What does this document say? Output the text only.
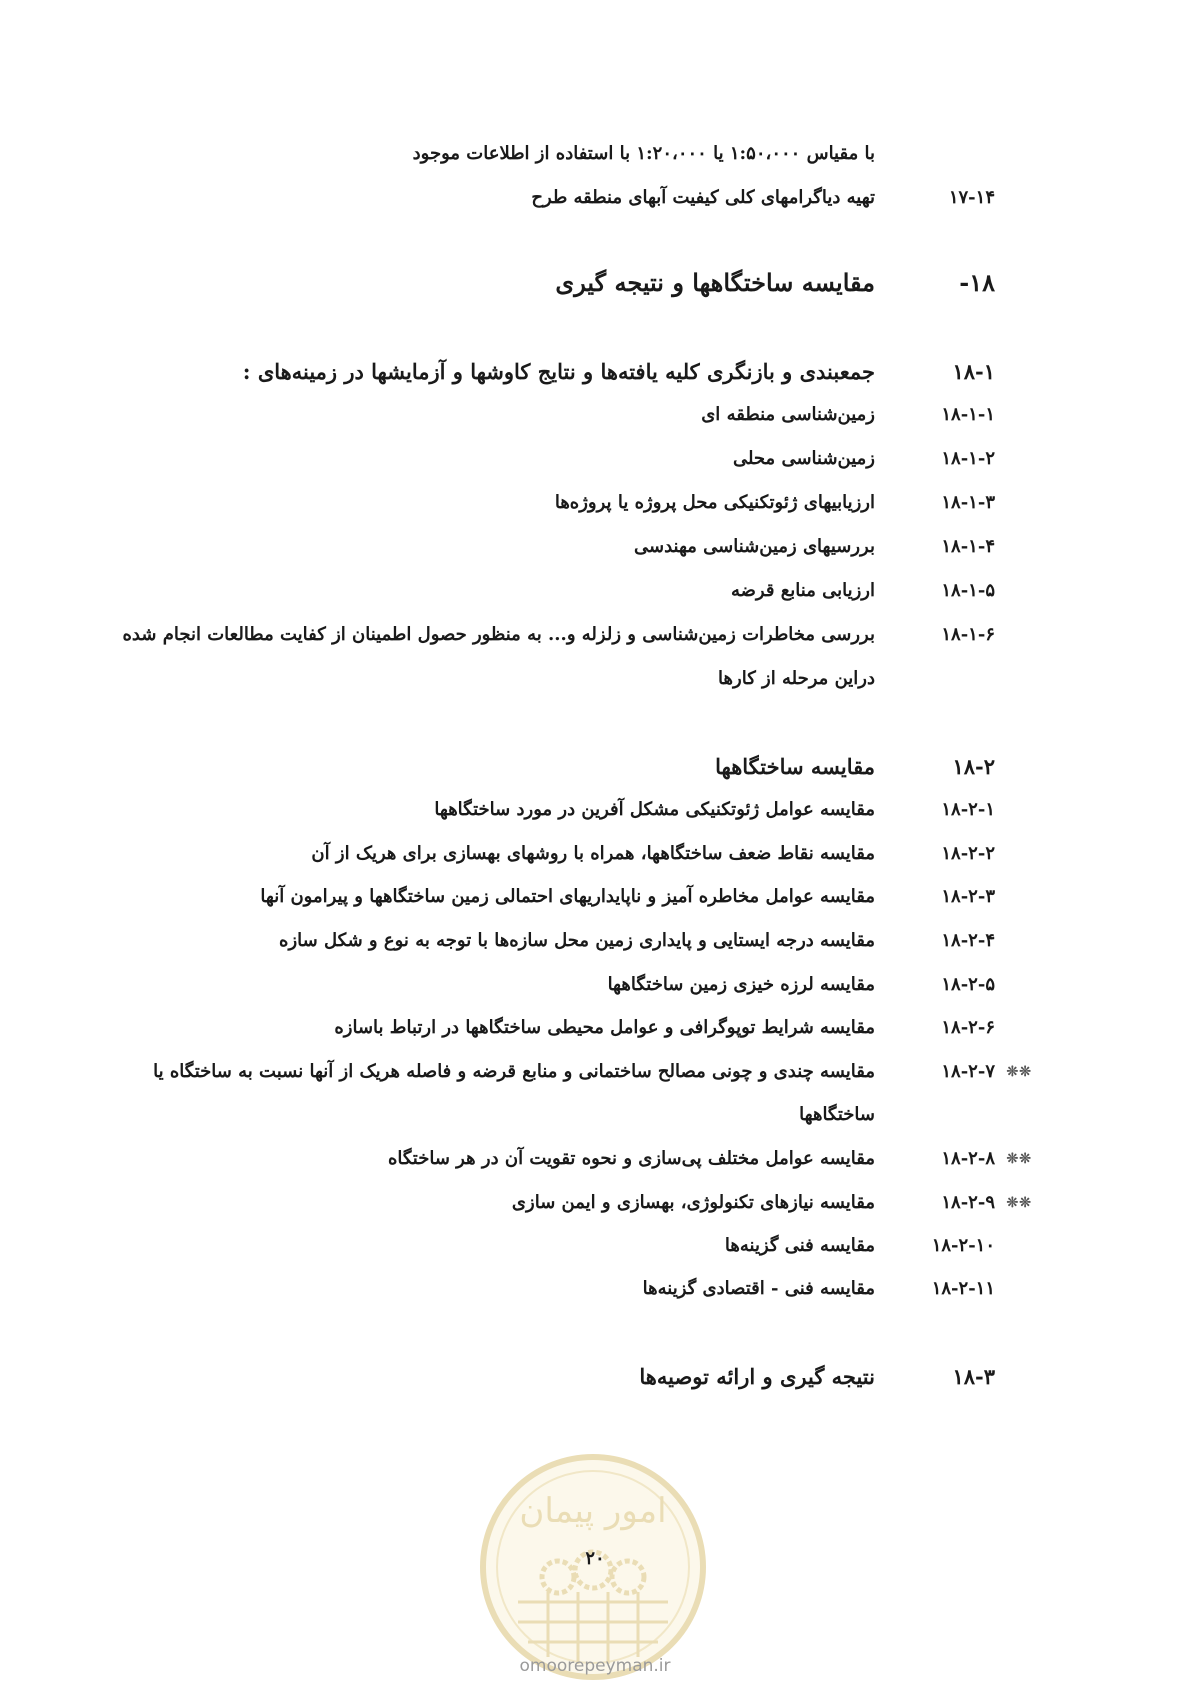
با مقیاس ۱:۵۰،۰۰۰ یا ۱:۲۰،۰۰۰ با استفاده از اطلاعات موجود
۱۷-۱۴
تهیه دیاگرامهای کلی کیفیت آبهای منطقه طرح
۱۸-
مقایسه ساختگاهها و نتیجه گیری
۱۸-۱
جمعبندی و بازنگری کلیه یافته‌ها و نتایج کاوشها و آزمایشها در زمینه‌های :
۱۸-۱-۱
زمین‌شناسی منطقه ای
۱۸-۱-۲
زمین‌شناسی محلی
۱۸-۱-۳
ارزیابیهای ژئوتکنیکی محل پروژه یا پروژه‌ها
۱۸-۱-۴
بررسیهای زمین‌شناسی مهندسی
۱۸-۱-۵
ارزیابی منابع قرضه
۱۸-۱-۶
بررسی مخاطرات زمین‌شناسی و زلزله و... به منظور حصول اطمینان از کفایت مطالعات انجام شده
دراین مرحله از کارها
۱۸-۲
مقایسه ساختگاهها
۱۸-۲-۱
مقایسه عوامل ژئوتکنیکی مشکل آفرین در مورد ساختگاهها
۱۸-۲-۲
مقایسه نقاط ضعف ساختگاهها، همراه با روشهای بهسازی برای هریک از آن
۱۸-۲-۳
مقایسه عوامل مخاطره آمیز و ناپایداریهای احتمالی زمین ساختگاهها و پیرامون آنها
۱۸-۲-۴
مقایسه درجه ایستایی و پایداری زمین محل سازه‌ها با توجه به نوع و شکل سازه
۱۸-۲-۵
مقایسه لرزه خیزی زمین ساختگاهها
۱۸-۲-۶
مقایسه شرایط توپوگرافی و عوامل محیطی ساختگاهها در ارتباط باسازه
❊❊
۱۸-۲-۷
مقایسه چندی و چونی مصالح ساختمانی و منابع قرضه و فاصله هریک از آنها نسبت به ساختگاه یا
ساختگاهها
❊❊
۱۸-۲-۸
مقایسه عوامل مختلف پی‌سازی و نحوه تقویت آن در هر ساختگاه
❊❊
۱۸-۲-۹
مقایسه نیازهای تکنولوژی، بهسازی و ایمن سازی
۱۸-۲-۱۰
مقایسه فنی گزینه‌ها
۱۸-۲-۱۱
مقایسه فنی - اقتصادی گزینه‌ها
۱۸-۳
نتیجه گیری و ارائه توصیه‌ها
امور پیمان
۲۰
omoorepeyman.ir
